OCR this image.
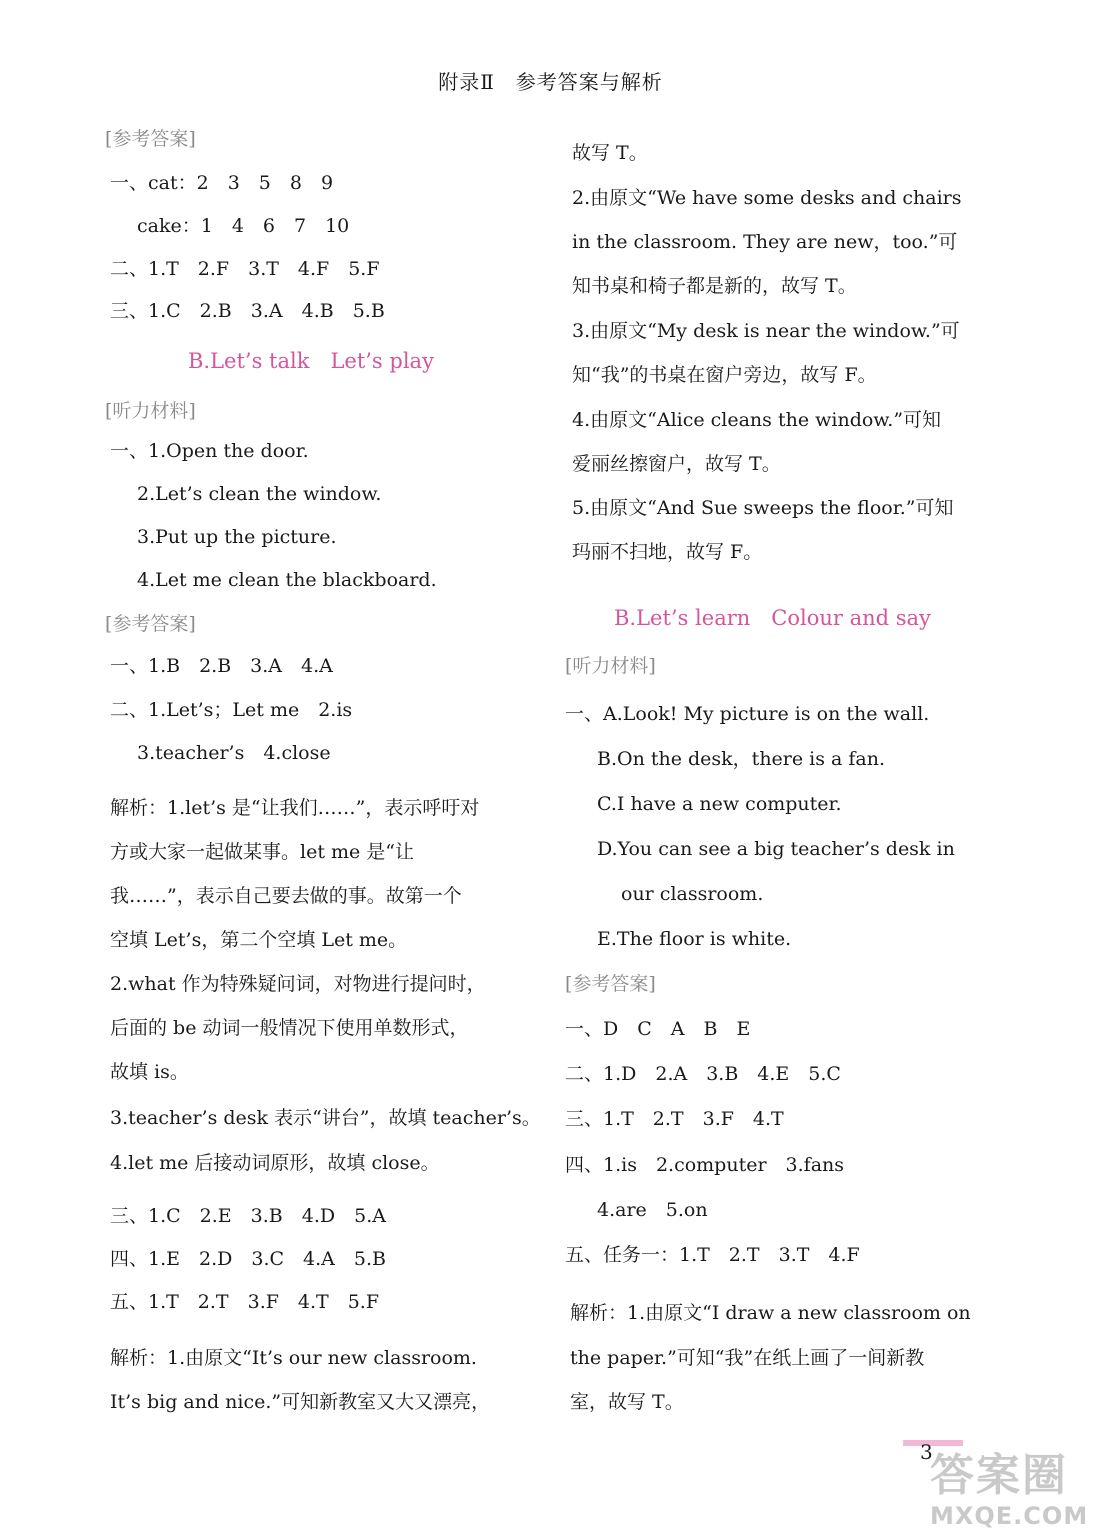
附录Ⅱ　参考答案与解析
[参考答案]
一、cat：2　3　5　8　9
cake：1　4　6　7　10
二、1.T　2.F　3.T　4.F　5.F
三、1.C　2.B　3.A　4.B　5.B
B.Let’s talk　Let’s play
[听力材料]
一、1.Open the door.
2.Let’s clean the window.
3.Put up the picture.
4.Let me clean the blackboard.
[参考答案]
一、1.B　2.B　3.A　4.A
二、1.Let’s；Let me　2.is
3.teacher’s　4.close
解析：1.let’s 是“让我们……”，表示呼吁对
方或大家一起做某事。let me 是“让
我……”，表示自己要去做的事。故第一个
空填 Let’s，第二个空填 Let me。
2.what 作为特殊疑问词，对物进行提问时，
后面的 be 动词一般情况下使用单数形式，
故填 is。
3.teacher’s desk 表示“讲台”，故填 teacher’s。
4.let me 后接动词原形，故填 close。
三、1.C　2.E　3.B　4.D　5.A
四、1.E　2.D　3.C　4.A　5.B
五、1.T　2.T　3.F　4.T　5.F
解析：1.由原文“It’s our new classroom.
It’s big and nice.”可知新教室又大又漂亮，
故写 T。
2.由原文“We have some desks and chairs
in the classroom. They are new，too.”可
知书桌和椅子都是新的，故写 T。
3.由原文“My desk is near the window.”可
知“我”的书桌在窗户旁边，故写 F。
4.由原文“Alice cleans the window.”可知
爱丽丝擦窗户，故写 T。
5.由原文“And Sue sweeps the floor.”可知
玛丽不扫地，故写 F。
B.Let’s learn　Colour and say
[听力材料]
一、A.Look! My picture is on the wall.
B.On the desk，there is a fan.
C.I have a new computer.
D.You can see a big teacher’s desk in
our classroom.
E.The floor is white.
[参考答案]
一、D　C　A　B　E
二、1.D　2.A　3.B　4.E　5.C
三、1.T　2.T　3.F　4.T
四、1.is　2.computer　3.fans
4.are　5.on
五、任务一：1.T　2.T　3.T　4.F
解析：1.由原文“I draw a new classroom on
the paper.”可知“我”在纸上画了一间新教
室，故写 T。
3
答案圈
MXQE.COM
